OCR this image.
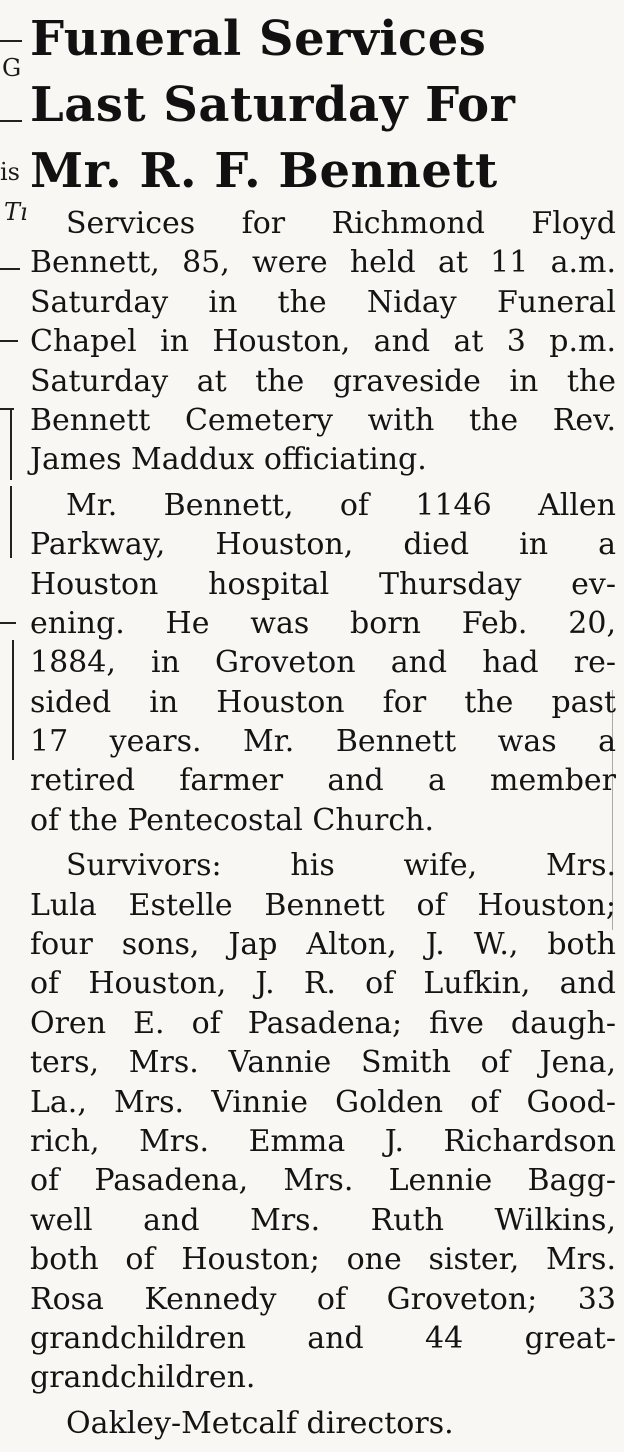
G
is
Tı
Funeral Services
Last Saturday For
Mr. R. F. Bennett
Services for Richmond Floyd
Bennett, 85, were held at 11 a.m.
Saturday in the Niday Funeral
Chapel in Houston, and at 3 p.m.
Saturday at the graveside in the
Bennett Cemetery with the Rev.
James Maddux officiating.
Mr. Bennett, of 1146 Allen
Parkway, Houston, died in a
Houston hospital Thursday ev-
ening. He was born Feb. 20,
1884, in Groveton and had re-
sided in Houston for the past
17 years. Mr. Bennett was a
retired farmer and a member
of the Pentecostal Church.
Survivors: his wife, Mrs.
Lula Estelle Bennett of Houston;
four sons, Jap Alton, J. W., both
of Houston, J. R. of Lufkin, and
Oren E. of Pasadena; five daugh-
ters, Mrs. Vannie Smith of Jena,
La., Mrs. Vinnie Golden of Good-
rich, Mrs. Emma J. Richardson
of Pasadena, Mrs. Lennie Bagg-
well and Mrs. Ruth Wilkins,
both of Houston; one sister, Mrs.
Rosa Kennedy of Groveton; 33
grandchildren and 44 great-
grandchildren.
Oakley-Metcalf directors.
